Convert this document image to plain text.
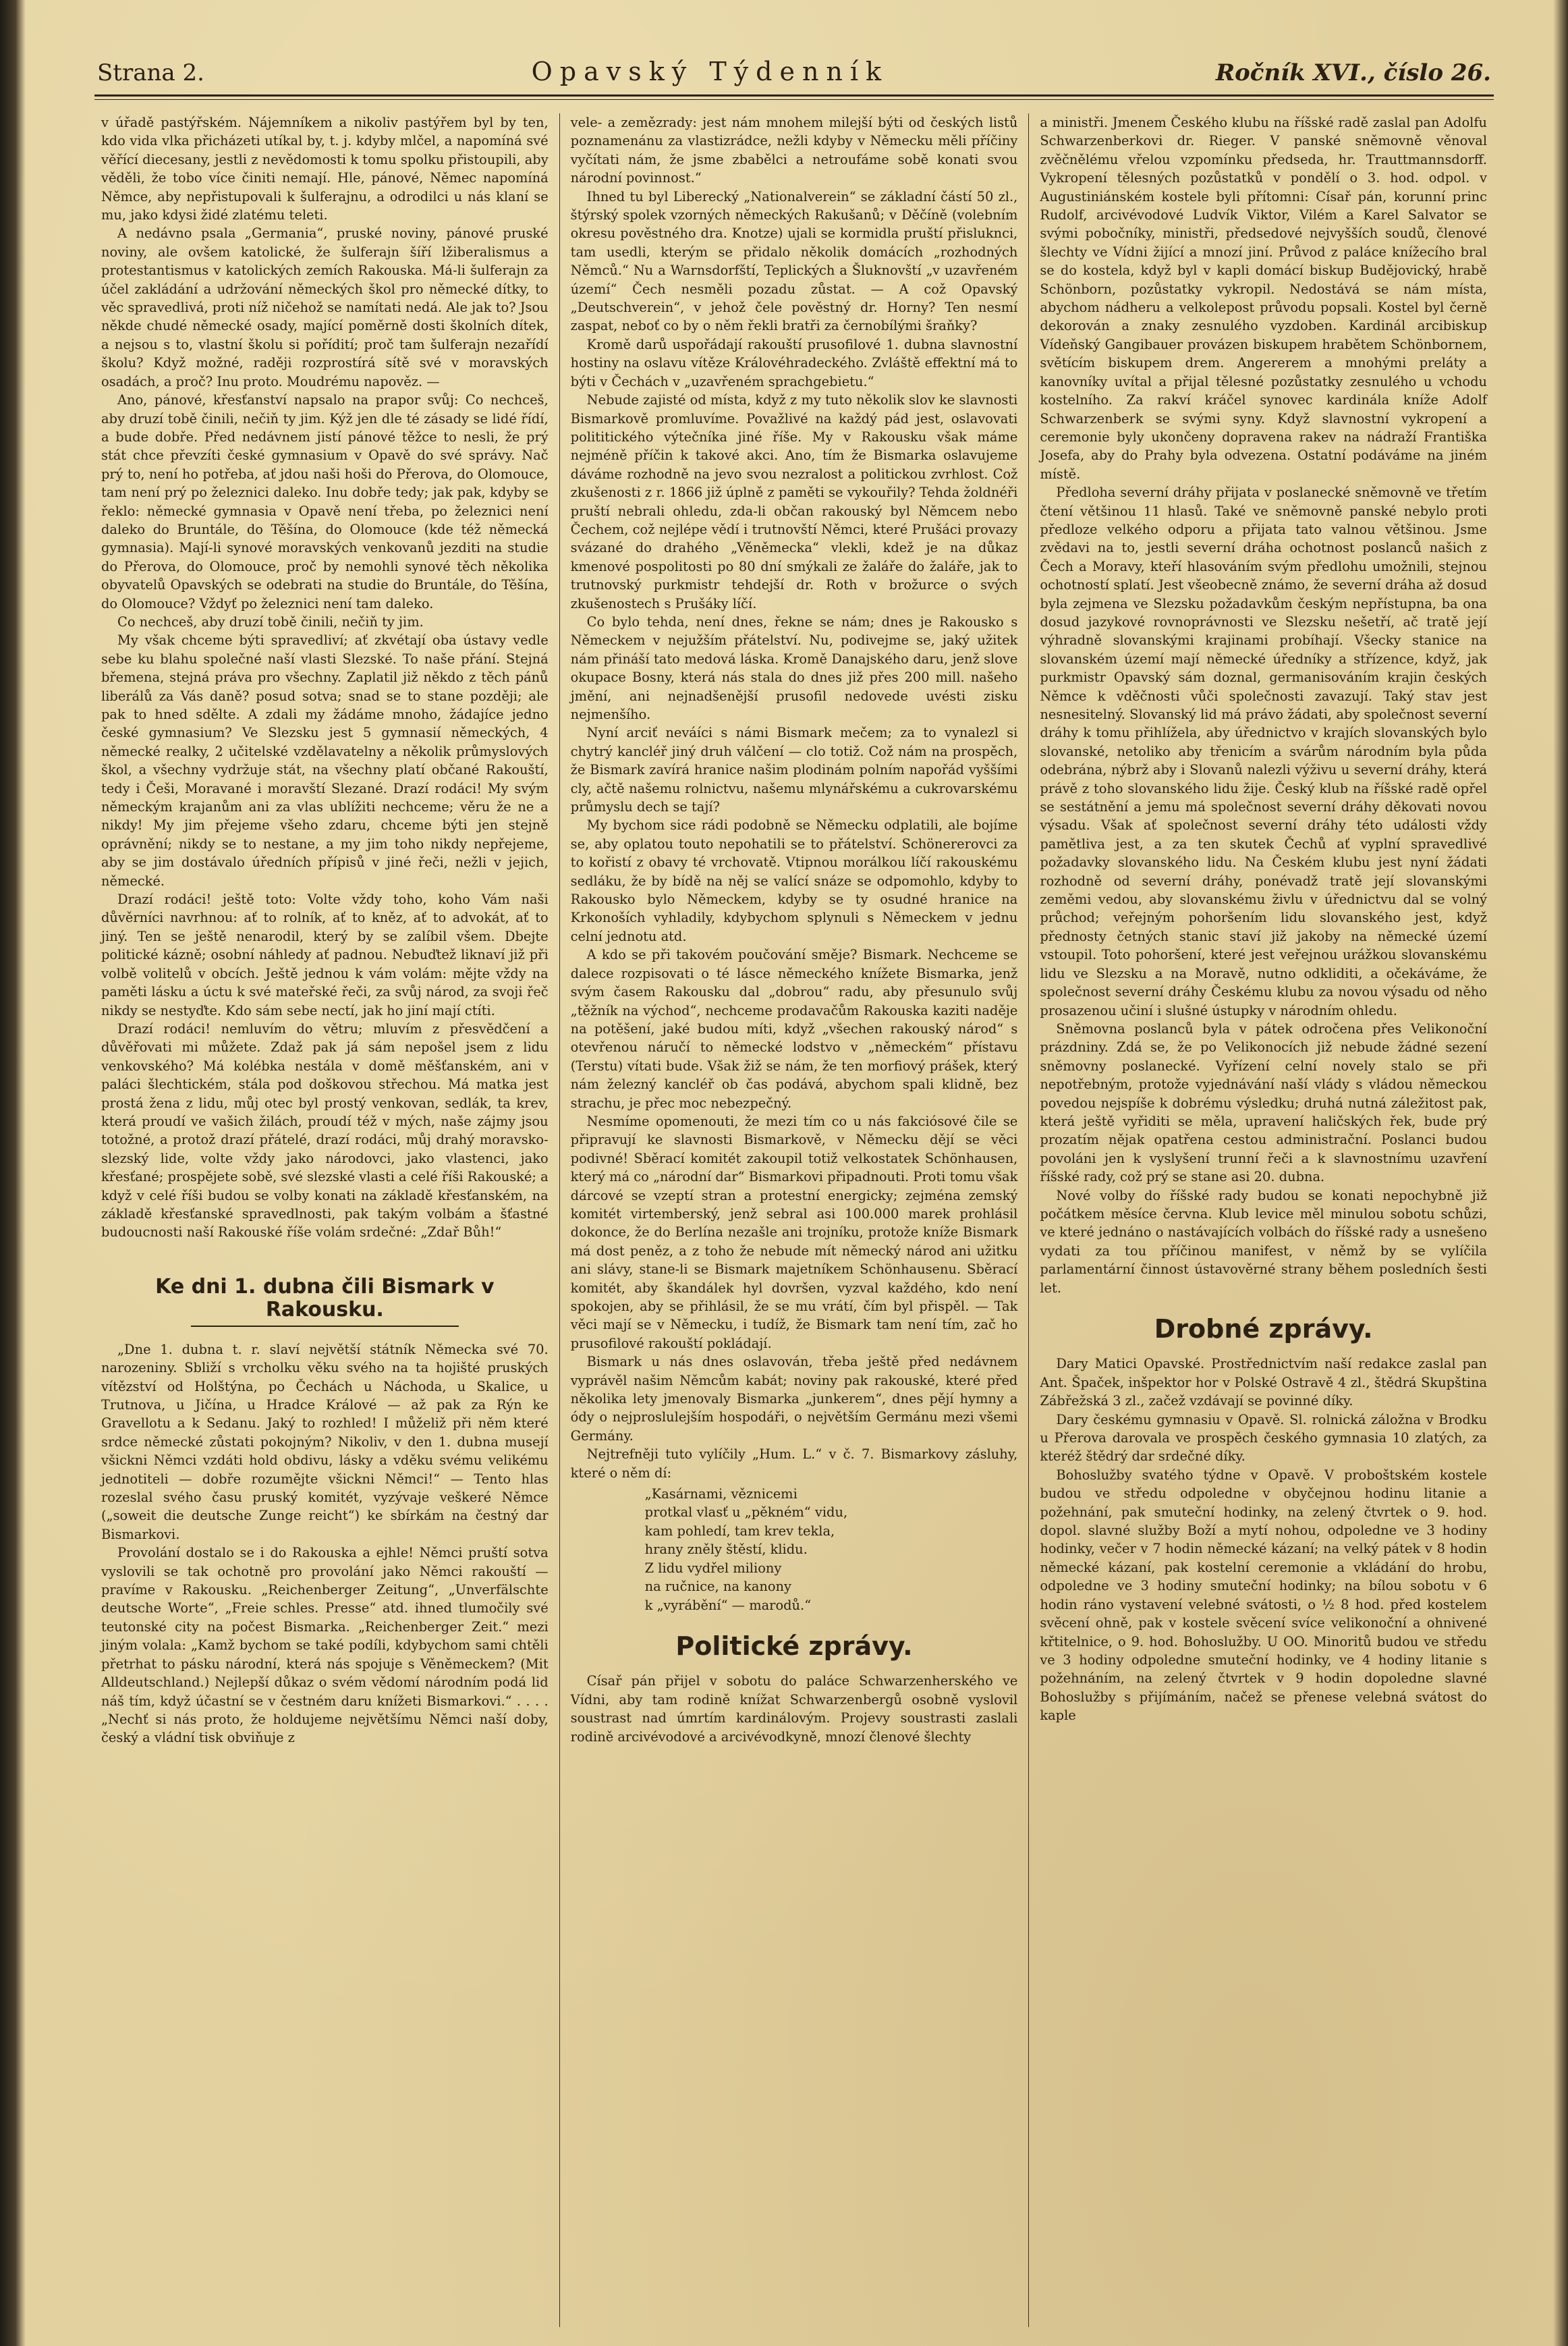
Strana 2.	Opavský Týdenník	Ročník XVI., číslo 26.

v úřadě pastýřském. Nájemníkem a nikoliv pastýřem byl by ten, kdo vida vlka přicházeti utíkal by, t. j. kdyby mlčel, a napomíná své věřící diecesany, jestli z nevědomosti k tomu spolku přistoupili, aby věděli, že tobo více činiti nemají. Hle, pánové, Němec napomíná Němce, aby nepřistupovali k šulferajnu, a odrodilci u nás klaní se mu, jako kdysi židé zlatému teleti.

A nedávno psala „Germania“, pruské noviny, pánové pruské noviny, ale ovšem katolické, že šulferajn šíří lžiberalismus a protestantismus v katolických zemích Rakouska. Má-li šulferajn za účel zakládání a udržování německých škol pro německé dítky, to věc spravedlivá, proti níž ničehož se namítati nedá. Ale jak to? Jsou někde chudé německé osady, mající poměrně dosti školních dítek, a nejsou s to, vlastní školu si pořídití; proč tam šulferajn nezařídí školu? Když možné, raději rozprostírá sítě své v moravských osadách, a proč? Inu proto. Moudrému napověz. —

Ano, pánové, křesťanství napsalo na prapor svůj: Co nechceš, aby druzí tobě činili, nečiň ty jim. Kýž jen dle té zásady se lidé řídí, a bude dobře. Před nedávnem jistí pánové těžce to nesli, že prý stát chce převzíti české gymnasium v Opavě do své správy. Nač prý to, není ho potřeba, ať jdou naši hoši do Přerova, do Olomouce, tam není prý po železnici daleko. Inu dobře tedy; jak pak, kdyby se řeklo: německé gymnasia v Opavě není třeba, po železnici není daleko do Bruntále, do Těšína, do Olomouce (kde též německá gymnasia). Mají-li synové moravských venkovanů jezditi na studie do Přerova, do Olomouce, proč by nemohli synové těch několika obyvatelů Opavských se odebrati na studie do Bruntále, do Těšína, do Olomouce? Vždyť po železnici není tam daleko.

Co nechceš, aby druzí tobě činili, nečiň ty jim.

My však chceme býti spravedliví; ať zkvétají oba ústavy vedle sebe ku blahu společné naší vlasti Slezské. To naše přání. Stejná břemena, stejná práva pro všechny. Zaplatil již někdo z těch pánů liberálů za Vás daně? posud sotva; snad se to stane později; ale pak to hned sdělte. A zdali my žádáme mnoho, žádajíce jedno české gymnasium? Ve Slezsku jest 5 gymnasií německých, 4 německé realky, 2 učitelské vzdělavatelny a několik průmyslových škol, a všechny vydržuje stát, na všechny platí občané Rakouští, tedy i Češi, Moravané i moravští Slezané. Drazí rodáci! My svým německým krajanům ani za vlas ublížiti nechceme; věru že ne a nikdy! My jim přejeme všeho zdaru, chceme býti jen stejně oprávnění; nikdy se to nestane, a my jim toho nikdy nepřejeme, aby se jim dostávalo úředních přípisů v jiné řeči, nežli v jejich, německé.

Drazí rodáci! ještě toto: Volte vždy toho, koho Vám naši důvěrníci navrhnou: ať to rolník, ať to kněz, ať to advokát, ať to jiný. Ten se ještě nenarodil, který by se zalíbil všem. Dbejte politické kázně; osobní náhledy ať padnou. Nebuďtež liknaví již při volbě volitelů v obcích. Ještě jednou k vám volám: mějte vždy na paměti lásku a úctu k své mateřské řeči, za svůj národ, za svoji řeč nikdy se nestyďte. Kdo sám sebe nectí, jak ho jiní mají ctíti.

Drazí rodáci! nemluvím do větru; mluvím z přesvědčení a důvěřovati mi můžete. Zdaž pak já sám nepošel jsem z lidu venkovského? Má kolébka nestála v domě měšťanském, ani v paláci šlechtickém, stála pod doškovou střechou. Má matka jest prostá žena z lidu, můj otec byl prostý venkovan, sedlák, ta krev, která proudí ve vašich žilách, proudí též v mých, naše zájmy jsou totožné, a protož drazí přátelé, drazí rodáci, můj drahý moravsko-slezský lide, volte vždy jako národovci, jako vlastenci, jako křesťané; prospějete sobě, své slezské vlasti a celé říši Rakouské; a když v celé říši budou se volby konati na základě křesťanském, na základě křesťanské spravedlnosti, pak takým volbám a šťastné budoucnosti naší Rakouské říše volám srdečné: „Zdař Bůh!“

Ke dni 1. dubna čili Bismark v Rakousku.

„Dne 1. dubna t. r. slaví největší státník Německa své 70. narozeniny. Sbliží s vrcholku věku svého na ta hojišté pruských vítězství od Holštýna, po Čechách u Náchoda, u Skalice, u Trutnova, u Jičína, u Hradce Králové — až pak za Rýn ke Gravellotu a k Sedanu. Jaký to rozhled! I můželiž při něm které srdce německé zůstati pokojným? Nikoliv, v den 1. dubna musejí všickni Němci vzdáti hold obdivu, lásky a vděku svému velikému jednotiteli — dobře rozumějte všickni Němci!“ — Tento hlas rozeslal svého času pruský komitét, vyzývaje veškeré Němce („soweit die deutsche Zunge reicht“) ke sbírkám na čestný dar Bismarkovi.

Provolání dostalo se i do Rakouska a ejhle! Němci pruští sotva vyslovili se tak ochotně pro provolání jako Němci rakouští — pravíme v Rakousku. „Reichenberger Zeitung“, „Unverfälschte deutsche Worte“, „Freie schles. Presse“ atd. ihned tlumočily své teutonské city na počest Bismarka. „Reichenberger Zeit.“ mezi jiným volala: „Kamž bychom se také podíli, kdybychom sami chtěli přetrhat to pásku národní, která nás spojuje s Věněmeckem? (Mit Alldeutschland.) Nejlepší důkaz o svém vědomí národním podá lid náš tím, když účastní se v čestném daru knížeti Bismarkovi.“ . . . . „Nechť si nás proto, že holdujeme největšímu Němci naší doby, český a vládní tisk obviňuje z

vele- a zemězrady: jest nám mnohem milejší býti od českých listů poznamenánu za vlastizrádce, nežli kdyby v Německu měli příčiny vyčítati nám, že jsme zbabělci a netroufáme sobě konati svou národní povinnost.“

Ihned tu byl Liberecký „Nationalverein“ se základní částí 50 zl., štýrský spolek vzorných německých Rakušanů; v Děčíně (volebním okresu pověstného dra. Knotze) ujali se kormidla pruští přisluknci, tam usedli, kterým se přidalo několik domácích „rozhodných Němců.“ Nu a Warnsdorfští, Teplických a Šluknovští „v uzavřeném území“ Čech nesměli pozadu zůstat. — A což Opavský „Deutschverein“, v jehož čele pověstný dr. Horny? Ten nesmí zaspat, neboť co by o něm řekli bratři za černobílými šraňky?

Kromě darů uspořádají rakouští prusofilové 1. dubna slavnostní hostiny na oslavu vítěze Královéhradeckého. Zvláště effektní má to býti v Čechách v „uzavřeném sprachgebietu.“

Nebude zajisté od místa, když z my tuto několik slov ke slavnosti Bismarkově promluvíme. Považlivé na každý pád jest, oslavovati polititického výtečníka jiné říše. My v Rakousku však máme nejméně příčin k takové akci. Ano, tím že Bismarka oslavujeme dáváme rozhodně na jevo svou nezralost a politickou zvrhlost. Což zkušenosti z r. 1866 již úplně z paměti se vykouřily? Tehda žoldnéři pruští nebrali ohledu, zda-li občan rakouský byl Němcem nebo Čechem, což nejlépe vědí i trutnovští Němci, které Prušáci provazy svázané do drahého „Věněmecka“ vlekli, kdež je na důkaz kmenové pospolitosti po 80 dní smýkali ze žaláře do žaláře, jak to trutnovský purkmistr tehdejší dr. Roth v brožurce o svých zkušenostech s Prušáky líčí.

Co bylo tehda, není dnes, řekne se nám; dnes je Rakousko s Německem v nejužším přátelství. Nu, podivejme se, jaký užitek nám přináší tato medová láska. Kromě Danajského daru, jenž slove okupace Bosny, která nás stala do dnes již přes 200 mill. našeho jmění, ani nejnadšenější prusofil nedovede uvésti zisku nejmenšího.

Nyní arciť neváíci s námi Bismark mečem; za to vynalezl si chytrý kancléř jiný druh válčení — clo totiž. Což nám na prospěch, že Bismark zavírá hranice našim plodinám polním napořád vyššími cly, ačtě našemu rolnictvu, našemu mlynářskému a cukrovarskému průmyslu dech se tají?

My bychom sice rádi podobně se Německu odplatili, ale bojíme se, aby oplatou touto nepohatili se to přátelství. Schönererovci za to kořistí z obavy té vrchovatě. Vtipnou morálkou líčí rakouskému sedláku, že by bídě na něj se valící snáze se odpomohlo, kdyby to Rakousko bylo Německem, kdyby se ty osudné hranice na Krkonoších vyhladily, kdybychom splynuli s Německem v jednu celní jednotu atd.

A kdo se při takovém poučování směje? Bismark. Nechceme se dalece rozpisovati o té lásce německého knížete Bismarka, jenž svým časem Rakousku dal „dobrou“ radu, aby přesunulo svůj „těžník na východ“, nechceme prodavačům Rakouska kaziti naděje na potěšení, jaké budou míti, když „všechen rakouský národ“ s otevřenou náručí to německé lodstvo v „německém“ přístavu (Terstu) vítati bude. Však žiž se nám, že ten morfiový prášek, který nám železný kancléř ob čas podává, abychom spali klidně, bez strachu, je přec moc nebezpečný.

Nesmíme opomenouti, že mezi tím co u nás fakciósové čile se připravují ke slavnosti Bismarkově, v Německu dějí se věci podivné! Sběrací komitét zakoupil totiž velkostatek Schönhausen, který má co „národní dar“ Bismarkovi připadnouti. Proti tomu však dárcové se vzeptí stran a protestní energicky; zejména zemský komitét virtemberský, jenž sebral asi 100.000 marek prohlásil dokonce, že do Berlína nezašle ani trojníku, protože kníže Bismark má dost peněz, a z toho že nebude mít německý národ ani užitku ani slávy, stane-li se Bismark majetníkem Schönhausenu. Sběrací komitét, aby škandálek hyl dovršen, vyzval každého, kdo není spokojen, aby se přihlásil, že se mu vrátí, čím byl přispěl. — Tak věci mají se v Německu, i tudíž, že Bismark tam není tím, zač ho prusofilové rakouští pokládají.

Bismark u nás dnes oslavován, třeba ještě před nedávnem vyprávěl našim Němcům kabát; noviny pak rakouské, které před několika lety jmenovaly Bismarka „junkerem“, dnes pějí hymny a ódy o nejproslulejším hospodáři, o největším Germánu mezi všemi Germány.

Nejtrefněji tuto vylíčily „Hum. L.“ v č. 7. Bismarkovy zásluhy, které o něm dí:

„Kasárnami, věznicemi
protkal vlasť u „pěkném“ vidu,
kam pohledí, tam krev tekla,
hrany zněly štěstí, klidu.
Z lidu vydřel miliony
na ručnice, na kanony
k „vyrábění“ — marodů.“
Politické zprávy.

Císař pán přijel v sobotu do paláce Schwarzenherského ve Vídni, aby tam rodině knížat Schwarzenbergů osobně vyslovil soustrast nad úmrtím kardinálovým. Projevy soustrasti zaslali rodině arcivévodové a arcivévodkyně, mnozí členové šlechty

a ministři. Jmenem Českého klubu na říšské radě zaslal pan Adolfu Schwarzenberkovi dr. Rieger. V panské sněmovně věnoval zvěčnělému vřelou vzpomínku předseda, hr. Trauttmannsdorff. Vykropení tělesných pozůstatků v pondělí o 3. hod. odpol. v Augustiniánském kostele byli přítomni: Císař pán, korunní princ Rudolf, arcivévodové Ludvík Viktor, Vilém a Karel Salvator se svými pobočníky, ministři, předsedové nejvyšších soudů, členové šlechty ve Vídni žijící a mnozí jiní. Průvod z paláce knížecího bral se do kostela, když byl v kapli domácí biskup Budějovický, hrabě Schönborn, pozůstatky vykropil. Nedostává se nám místa, abychom nádheru a velkolepost průvodu popsali. Kostel byl černě dekorován a znaky zesnulého vyzdoben. Kardinál arcibiskup Vídeňský Gangibauer provázen biskupem hrabětem Schönbornem, světícím biskupem drem. Angererem a mnohými preláty a kanovníky uvítal a přijal tělesné pozůstatky zesnulého u vchodu kostelního. Za rakví kráčel synovec kardinála kníže Adolf Schwarzenberk se svými syny. Když slavnostní vykropení a ceremonie byly ukončeny dopravena rakev na nádraží Františka Josefa, aby do Prahy byla odvezena. Ostatní podáváme na jiném místě.

Předloha severní dráhy přijata v poslanecké sněmovně ve třetím čtení většinou 11 hlasů. Také ve sněmovně panské nebylo proti předloze velkého odporu a přijata tato valnou většinou. Jsme zvědavi na to, jestli severní dráha ochotnost poslanců našich z Čech a Moravy, kteří hlasováním svým předlohu umožnili, stejnou ochotností splatí. Jest všeobecně známo, že severní dráha až dosud byla zejmena ve Slezsku požadavkům českým nepřístupna, ba ona dosud jazykové rovnoprávnosti ve Slezsku nešetří, ač tratě její výhradně slovanskými krajinami probíhají. Všecky stanice na slovanském území mají německé úředníky a střízence, když, jak purkmistr Opavský sám doznal, germanisováním krajin českých Němce k vděčnosti vůči společnosti zavazují. Taký stav jest nesnesitelný. Slovanský lid má právo žádati, aby společnost severní dráhy k tomu přihlížela, aby úřednictvo v krajích slovanských bylo slovanské, netoliko aby třenicím a svárům národním byla půda odebrána, nýbrž aby i Slovanů nalezli výživu u severní dráhy, která právě z toho slovanského lidu žije. Český klub na říšské radě opřel se sestátnění a jemu má společnost severní dráhy děkovati novou výsadu. Však ať společnost severní dráhy této události vždy pamětliva jest, a za ten skutek Čechů ať vyplní spravedlivé požadavky slovanského lidu. Na Českém klubu jest nyní žádati rozhodně od severní dráhy, ponévadž tratě její slovanskými zeměmi vedou, aby slovanskému živlu v úřednictvu dal se volný průchod; veřejným pohoršením lidu slovanského jest, když přednosty četných stanic staví již jakoby na německé území vstoupil. Toto pohoršení, které jest veřejnou urážkou slovanskému lidu ve Slezsku a na Moravě, nutno odkliditi, a očekáváme, že společnost severní dráhy Českému klubu za novou výsadu od něho prosazenou učiní i slušné ústupky v národním ohledu.

Sněmovna poslanců byla v pátek odročena přes Velikonoční prázdniny. Zdá se, že po Velikonocích již nebude žádné sezení sněmovny poslanecké. Vyřízení celní novely stalo se při nepotřebným, protože vyjednávání naší vlády s vládou německou povedou nejspíše k dobrému výsledku; druhá nutná záležitost pak, která ještě vyřiditi se měla, upravení haličských řek, bude prý prozatím nějak opatřena cestou administrační. Poslanci budou povoláni jen k vyslyšení trunní řeči a k slavnostnímu uzavření říšské rady, což prý se stane asi 20. dubna.

Nové volby do říšské rady budou se konati nepochybně již počátkem měsíce června. Klub levice měl minulou sobotu schůzi, ve které jednáno o nastávajících volbách do říšské rady a usnešeno vydati za tou příčinou manifest, v němž by se vylíčila parlamentární činnost ústavověrné strany během posledních šesti let.

Drobné zprávy.

Dary Matici Opavské. Prostřednictvím naší redakce zaslal pan Ant. Špaček, inšpektor hor v Polské Ostravě 4 zl., štědrá Skupština Zábřežská 3 zl., začež vzdávají se povinné díky.

Dary českému gymnasiu v Opavě. Sl. rolnická záložna v Brodku u Přerova darovala ve prospěch českého gymnasia 10 zlatých, za kteréž štědrý dar srdečné díky.

Bohoslužby svatého týdne v Opavě. V proboštském kostele budou ve středu odpoledne v obyčejnou hodinu litanie a požehnání, pak smuteční hodinky, na zelený čtvrtek o 9. hod. dopol. slavné služby Boží a mytí nohou, odpoledne ve 3 hodiny hodinky, večer v 7 hodin německé kázaní; na velký pátek v 8 hodin německé kázaní, pak kostelní ceremonie a vkládání do hrobu, odpoledne ve 3 hodiny smuteční hodinky; na bílou sobotu v 6 hodin ráno vystavení velebné svátosti, o ½ 8 hod. před kostelem svěcení ohně, pak v kostele svěcení svíce velikonoční a ohnivené křtitelnice, o 9. hod. Bohoslužby. U OO. Minoritů budou ve středu ve 3 hodiny odpoledne smuteční hodinky, ve 4 hodiny litanie s požehnáním, na zelený čtvrtek v 9 hodin dopoledne slavné Bohoslužby s přijímáním, načež se přenese velebná svátost do kaple
